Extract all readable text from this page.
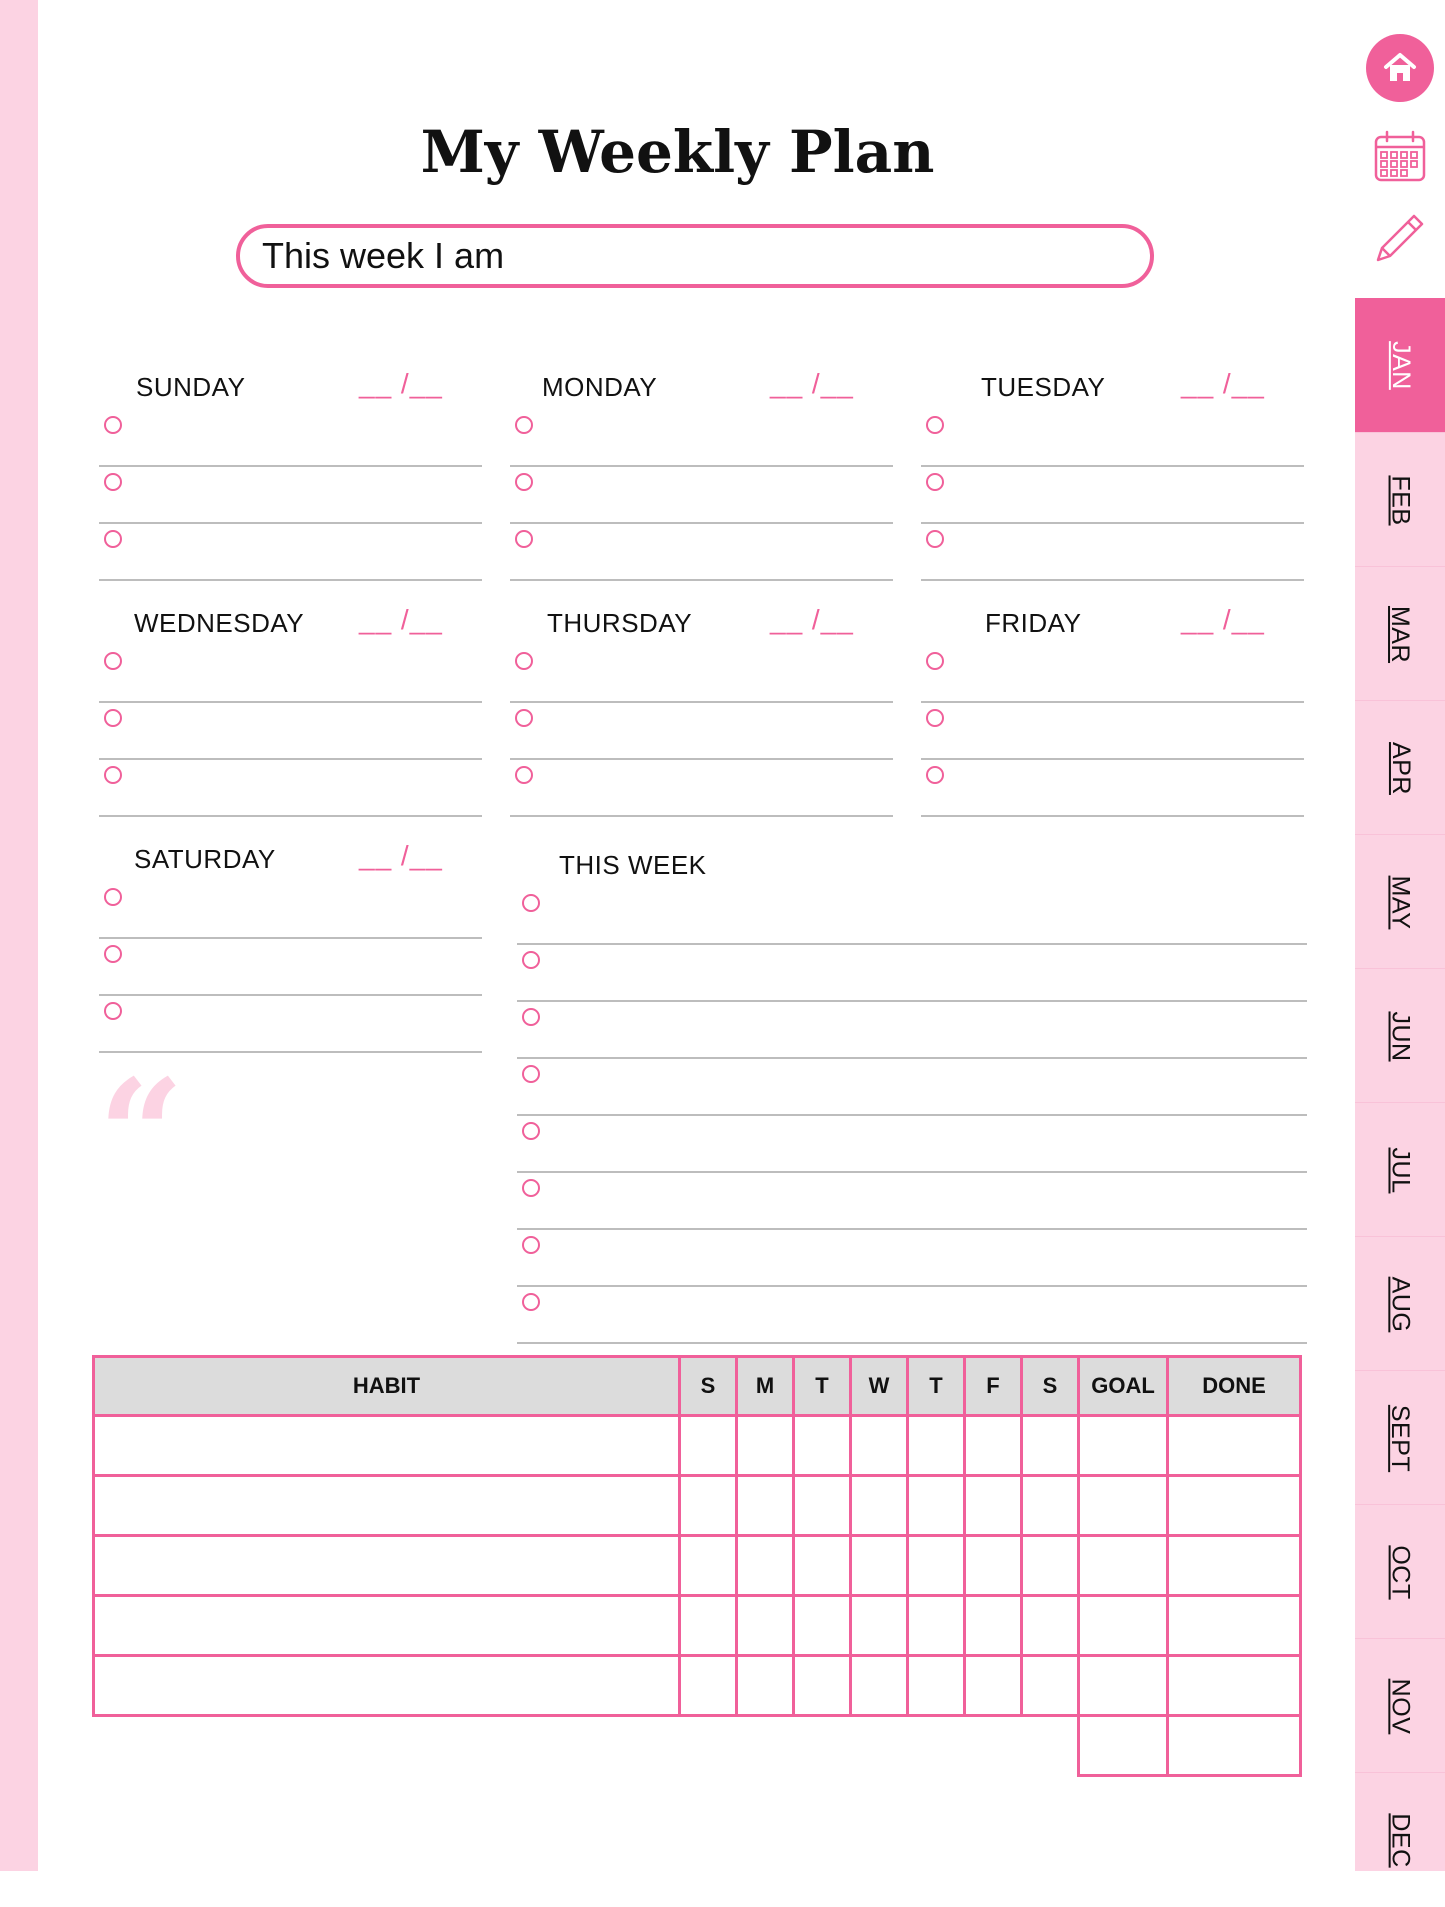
JAN
FEB
MAR
APR
MAY
JUN
JUL
AUG
SEPT
OCT
NOV
DEC
My Weekly Plan
This week I am
SUNDAY	__ /__	MONDAY	__ /__	TUESDAY	__ /__
WEDNESDAY __ /__	THURSDAY	__ /__	FRIDAY	__ /__
SATURDAY	__ /__	THIS WEEK
“
HABIT	S	M	T	W	T	F	S	GOAL	DONE
